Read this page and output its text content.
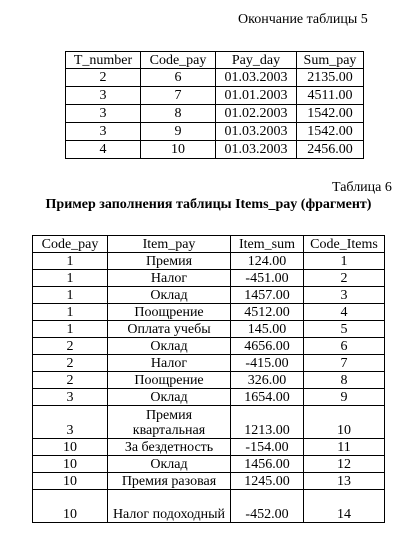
Окончание таблицы 5
T_number	Code_pay	Pay_day	Sum_pay
2	6	01.03.2003	2135.00
3	7	01.01.2003	4511.00
3	8	01.02.2003	1542.00
3	9	01.03.2003	1542.00
4	10	01.03.2003	2456.00
Таблица 6
Пример заполнения таблицы Items_pay (фрагмент)
Code_pay	Item_pay	Item_sum	Code_Items
1	Премия	124.00	1
1	Налог	-451.00	2
1	Оклад	1457.00	3
1	Поощрение	4512.00	4
1	Оплата учебы	145.00	5
2	Оклад	4656.00	6
2	Налог	-415.00	7
2	Поощрение	326.00	8
3	Оклад	1654.00	9
3	Премия квартальная	1213.00	10
10	За бездетность	-154.00	11
10	Оклад	1456.00	12
10	Премия разовая	1245.00	13
10	Налог подоходный	-452.00	14
